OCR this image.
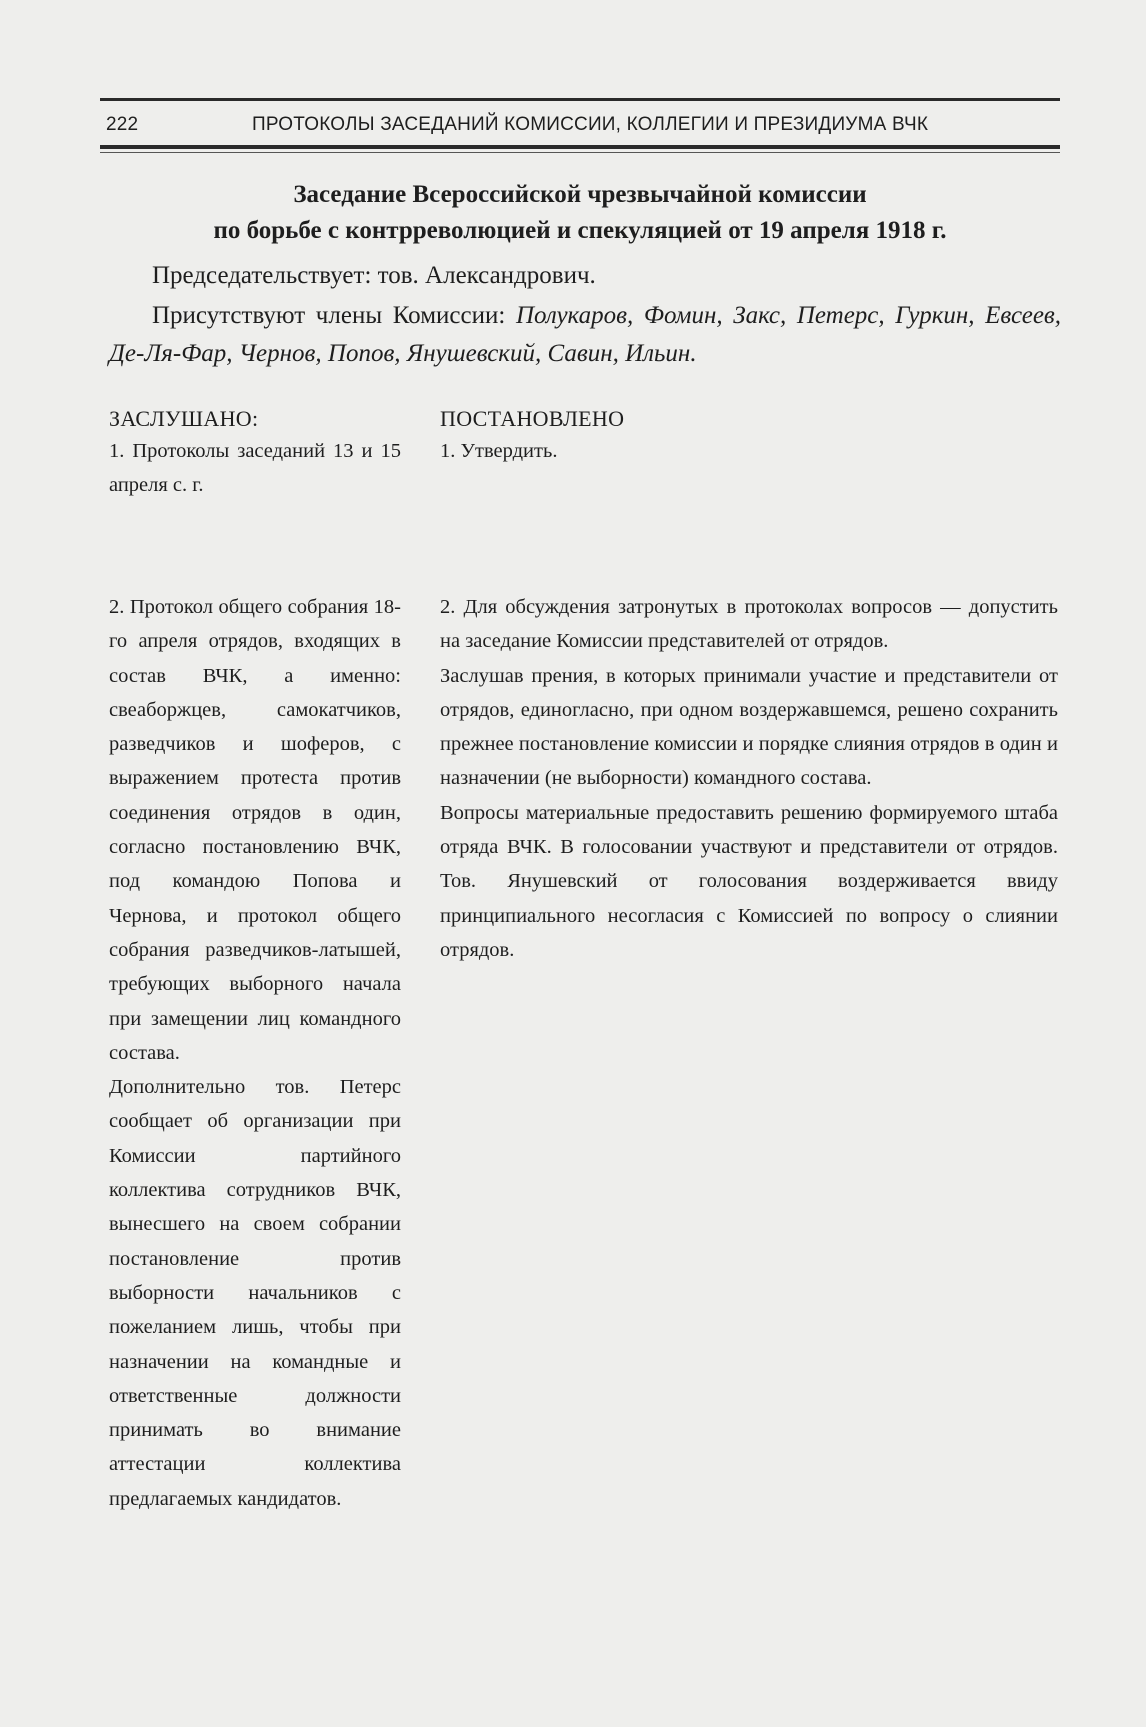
222	ПРОТОКОЛЫ ЗАСЕДАНИЙ КОМИССИИ, КОЛЛЕГИИ И ПРЕЗИДИУМА ВЧК
Заседание Всероссийской чрезвычайной комиссии
по борьбе с контрреволюцией и спекуляцией от 19 апреля 1918 г.
Председательствует: тов. Александрович.
Присутствуют члены Комиссии: Полукаров, Фомин, Закс, Петерс, Гуркин, Евсеев, Де-Ля-Фар, Чернов, Попов, Янушевский, Савин, Ильин.
ЗАСЛУШАНО:	ПОСТАНОВЛЕНО

1. Протоколы заседаний 13 и 15 апреля с. г.

1. Утвердить.

2. Протокол общего собрания 18-го апреля отрядов, входящих в состав ВЧК, а именно: свеаборжцев, самокатчиков, разведчиков и шоферов, с выражением протеста против соединения отрядов в один, согласно постановлению ВЧК, под командою Попова и Чернова, и протокол общего собрания разведчиков-латышей, требующих выборного начала при замещении лиц командного состава.

Дополнительно тов. Петерс сообщает об организации при Комиссии партийного коллектива сотрудников ВЧК, вынесшего на своем собрании постановление против выборности начальников с пожеланием лишь, чтобы при назначении на командные и ответственные должности принимать во внимание аттестации коллектива предлагаемых кандидатов.

2. Для обсуждения затронутых в протоколах вопросов — допустить на заседание Комиссии представителей от отрядов.

Заслушав прения, в которых принимали участие и представители от отрядов, единогласно, при одном воздержавшемся, решено сохранить прежнее постановление комиссии и порядке слияния отрядов в один и назначении (не выборности) командного состава.

Вопросы материальные предоставить решению формируемого штаба отряда ВЧК. В голосовании участвуют и представители от отрядов. Тов. Янушевский от голосования воздерживается ввиду принципиального несогласия с Комиссией по вопросу о слиянии отрядов.
